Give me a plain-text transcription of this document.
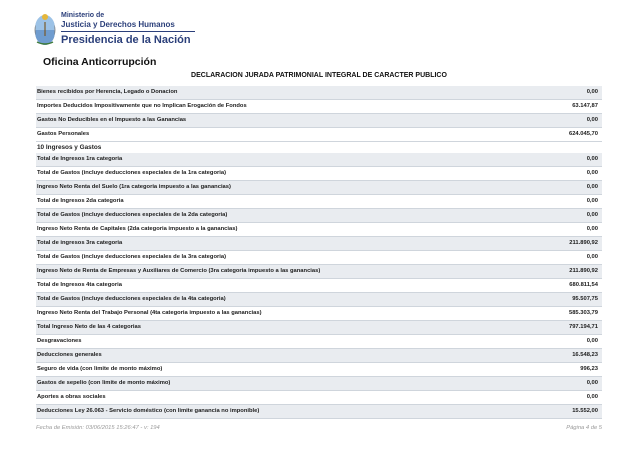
Ministerio de
Justicia y Derechos Humanos
Presidencia de la Nación
Oficina Anticorrupción
DECLARACION JURADA PATRIMONIAL INTEGRAL DE CARACTER PUBLICO
Bienes recibidos por Herencia, Legado o Donacion	0,00
Importes Deducidos Impositivamente que no Implican Erogación de Fondos	63.147,87
Gastos No Deducibles en el Impuesto a las Ganancias	0,00
Gastos Personales	624.045,70
10 Ingresos y Gastos
Total de Ingresos 1ra categoria	0,00
Total de Gastos (incluye deducciones especiales de la 1ra categoria)	0,00
Ingreso Neto Renta del Suelo (1ra categoria impuesto a las ganancias)	0,00
Total de Ingresos 2da categoria	0,00
Total de Gastos (incluye deducciones especiales de la 2da categoria)	0,00
Ingreso Neto Renta de Capitales (2da categoria impuesto a la ganancias)	0,00
Total de ingresos 3ra categoria	211.890,92
Total de Gastos (incluye deducciones especiales de la 3ra categoria)	0,00
Ingreso Neto de Renta de Empresas y Auxiliares de Comercio (3ra categoria impuesto a las ganancias)	211.890,92
Total de Ingresos 4ta categoria	680.811,54
Total de Gastos (incluye deducciones especiales de la 4ta categoria)	95.507,75
Ingreso Neto Renta del Trabajo Personal (4ta categoria impuesto a las ganancias)	585.303,79
Total Ingreso Neto de las 4 categorias	797.194,71
Desgravaciones	0,00
Deducciones generales	16.548,23
Seguro de vida (con limite de monto máximo)	996,23
Gastos de sepelio (con limite de monto máximo)	0,00
Aportes a obras sociales	0,00
Deducciones Ley 26.063 - Servicio doméstico (con limite ganancia no imponible)	15.552,00
Fecha de Emisión: 03/06/2015 15:26:47 - v: 194	Página 4 de 5
